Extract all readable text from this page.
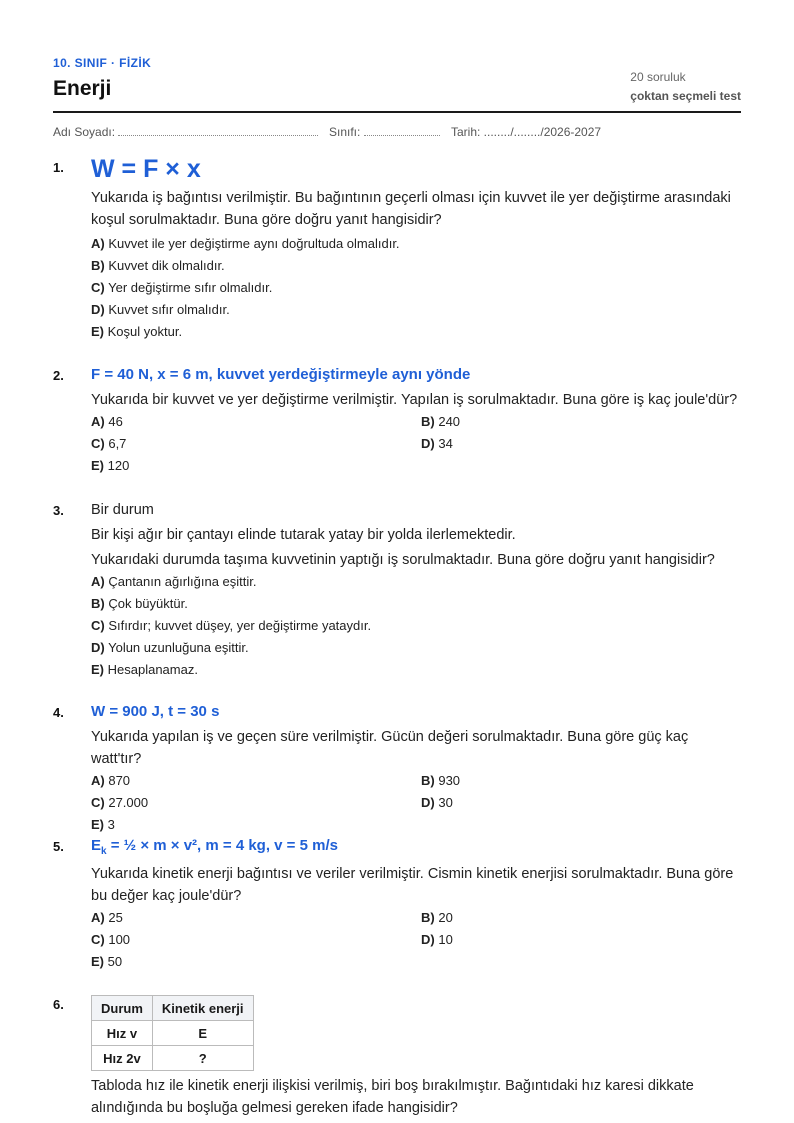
10. SINIF · FİZİK
Enerji	20 soruluk
çoktan seçmeli test
Adı Soyadı:	Sınıfı:	Tarih: ......../......../2026-2027
1. W = F × x
Yukarıda iş bağıntısı verilmiştir. Bu bağıntının geçerli olması için kuvvet ile yer değiştirme arasındaki koşul sorulmaktadır. Buna göre doğru yanıt hangisidir?
A) Kuvvet ile yer değiştirme aynı doğrultuda olmalıdır.
B) Kuvvet dik olmalıdır.
C) Yer değiştirme sıfır olmalıdır.
D) Kuvvet sıfır olmalıdır.
E) Koşul yoktur.
2. F = 40 N, x = 6 m, kuvvet yerdeğiştirmeyle aynı yönde
Yukarıda bir kuvvet ve yer değiştirme verilmiştir. Yapılan iş sorulmaktadır. Buna göre iş kaç joule'dür?
A) 46	B) 240
C) 6,7	D) 34
E) 120
3. Bir durum
Bir kişi ağır bir çantayı elinde tutarak yatay bir yolda ilerlemektedir.
Yukarıdaki durumda taşıma kuvvetinin yaptığı iş sorulmaktadır. Buna göre doğru yanıt hangisidir?
A) Çantanın ağırlığına eşittir.
B) Çok büyüktür.
C) Sıfırdır; kuvvet düşey, yer değiştirme yataydır.
D) Yolun uzunluğuna eşittir.
E) Hesaplanamaz.
4. W = 900 J, t = 30 s
Yukarıda yapılan iş ve geçen süre verilmiştir. Gücün değeri sorulmaktadır. Buna göre güç kaç watt'tır?
A) 870	B) 930
C) 27.000	D) 30
E) 3
5. $E_k$ = ½ × m × v², m = 4 kg, v = 5 m/s
Yukarıda kinetik enerji bağıntısı ve veriler verilmiştir. Cismin kinetik enerjisi sorulmaktadır. Buna göre bu değer kaç joule'dür?
A) 25	B) 20
C) 100	D) 10
E) 50
6.	Durum	Kinetik enerji
Hız v	E
Hız 2v	?
Tabloda hız ile kinetik enerji ilişkisi verilmiş, biri boş bırakılmıştır. Bağıntıdaki hız karesi dikkate alındığında bu boşluğa gelmesi gereken ifade hangisidir?
